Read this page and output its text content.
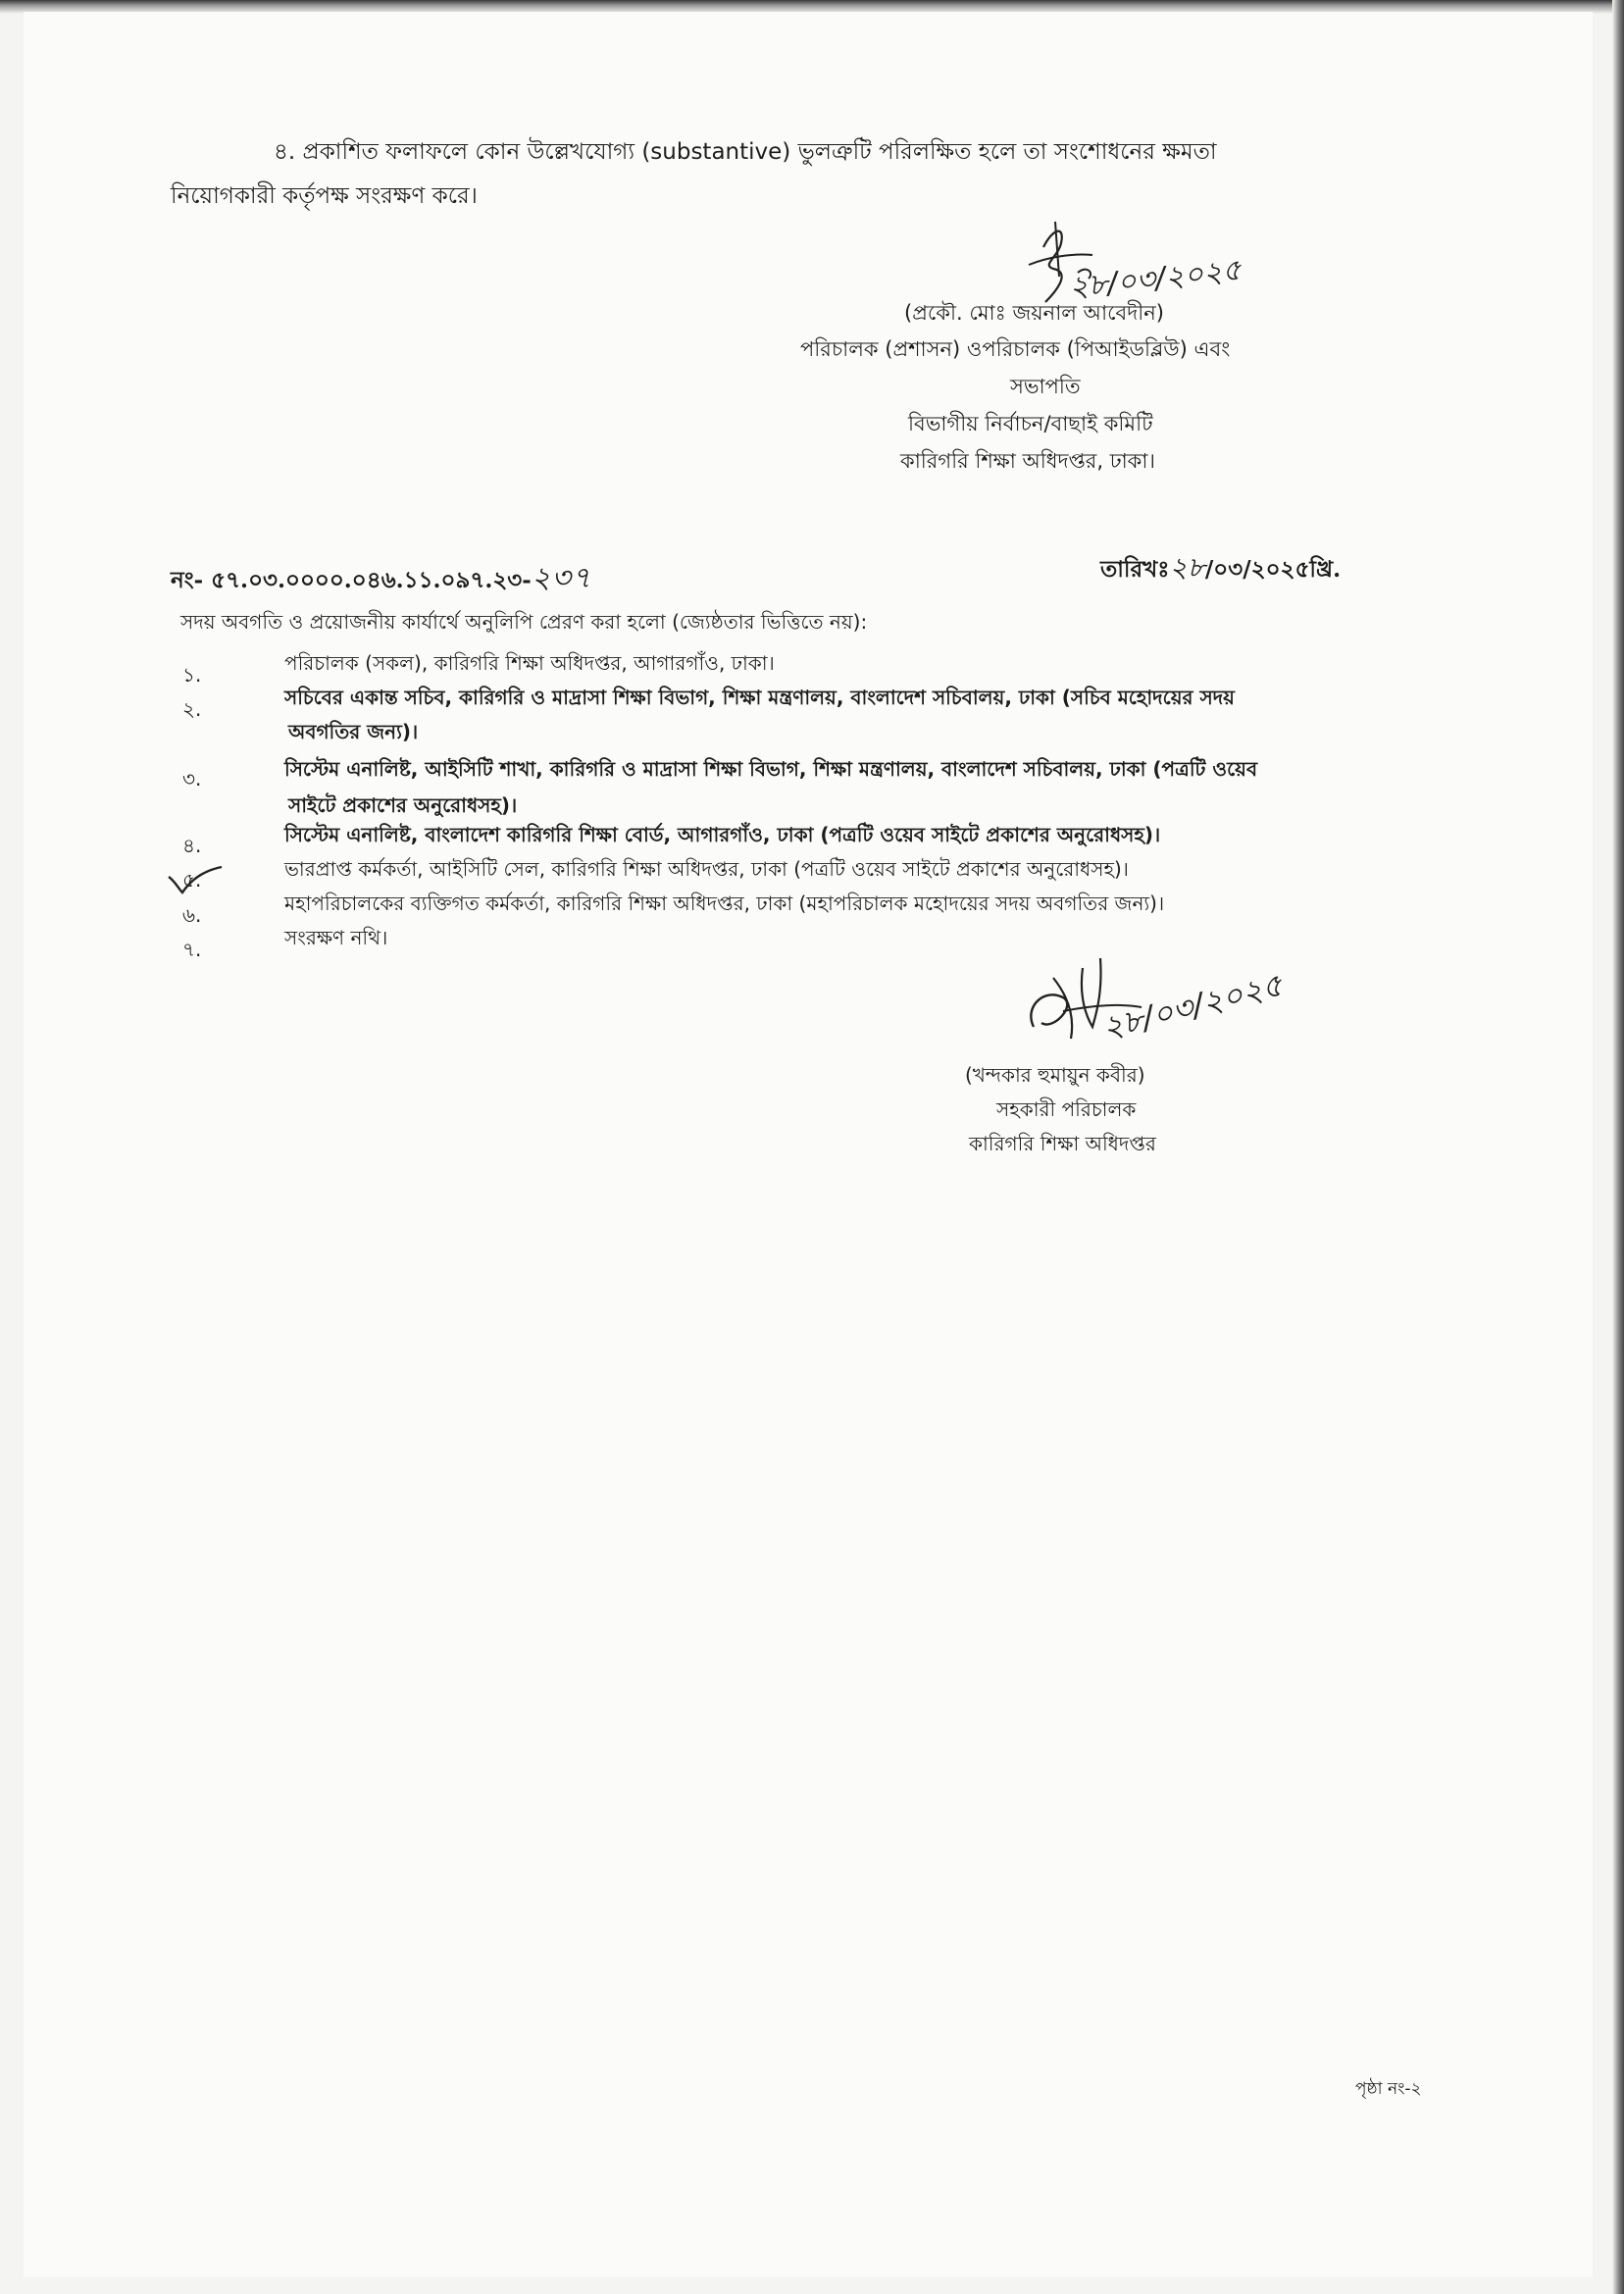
৪. প্রকাশিত ফলাফলে কোন উল্লেখযোগ্য (substantive) ভুলত্রুটি পরিলক্ষিত হলে তা সংশোধনের ক্ষমতা
নিয়োগকারী কর্তৃপক্ষ সংরক্ষণ করে।
২৮/০৩/২০২৫
(প্রকৌ. মোঃ জয়নাল আবেদীন)
পরিচালক (প্রশাসন) ওপরিচালক (পিআইডব্লিউ) এবং
সভাপতি
বিভাগীয় নির্বাচন/বাছাই কমিটি
কারিগরি শিক্ষা অধিদপ্তর, ঢাকা।
নং- ৫৭.০৩.০০০০.০৪৬.১১.০৯৭.২৩-২৩৭	তারিখঃ২৮/০৩/২০২৫খ্রি.
সদয় অবগতি ও প্রয়োজনীয় কার্যার্থে অনুলিপি প্রেরণ করা হলো (জ্যেষ্ঠতার ভিত্তিতে নয়):
১.	পরিচালক (সকল), কারিগরি শিক্ষা অধিদপ্তর, আগারগাঁও, ঢাকা।
২.	সচিবের একান্ত সচিব, কারিগরি ও মাদ্রাসা শিক্ষা বিভাগ, শিক্ষা মন্ত্রণালয়, বাংলাদেশ সচিবালয়, ঢাকা (সচিব মহোদয়ের সদয়
অবগতির জন্য)।
৩.	সিস্টেম এনালিষ্ট, আইসিটি শাখা, কারিগরি ও মাদ্রাসা শিক্ষা বিভাগ, শিক্ষা মন্ত্রণালয়, বাংলাদেশ সচিবালয়, ঢাকা (পত্রটি ওয়েব
সাইটে প্রকাশের অনুরোধসহ)।
৪.	সিস্টেম এনালিষ্ট, বাংলাদেশ কারিগরি শিক্ষা বোর্ড, আগারগাঁও, ঢাকা (পত্রটি ওয়েব সাইটে প্রকাশের অনুরোধসহ)।
৫.	ভারপ্রাপ্ত কর্মকর্তা, আইসিটি সেল, কারিগরি শিক্ষা অধিদপ্তর, ঢাকা (পত্রটি ওয়েব সাইটে প্রকাশের অনুরোধসহ)।
৬.	মহাপরিচালকের ব্যক্তিগত কর্মকর্তা, কারিগরি শিক্ষা অধিদপ্তর, ঢাকা (মহাপরিচালক মহোদয়ের সদয় অবগতির জন্য)।
৭.	সংরক্ষণ নথি।
২৮/০৩/২০২৫
(খন্দকার হুমায়ুন কবীর)
সহকারী পরিচালক
কারিগরি শিক্ষা অধিদপ্তর
পৃষ্ঠা নং-২
